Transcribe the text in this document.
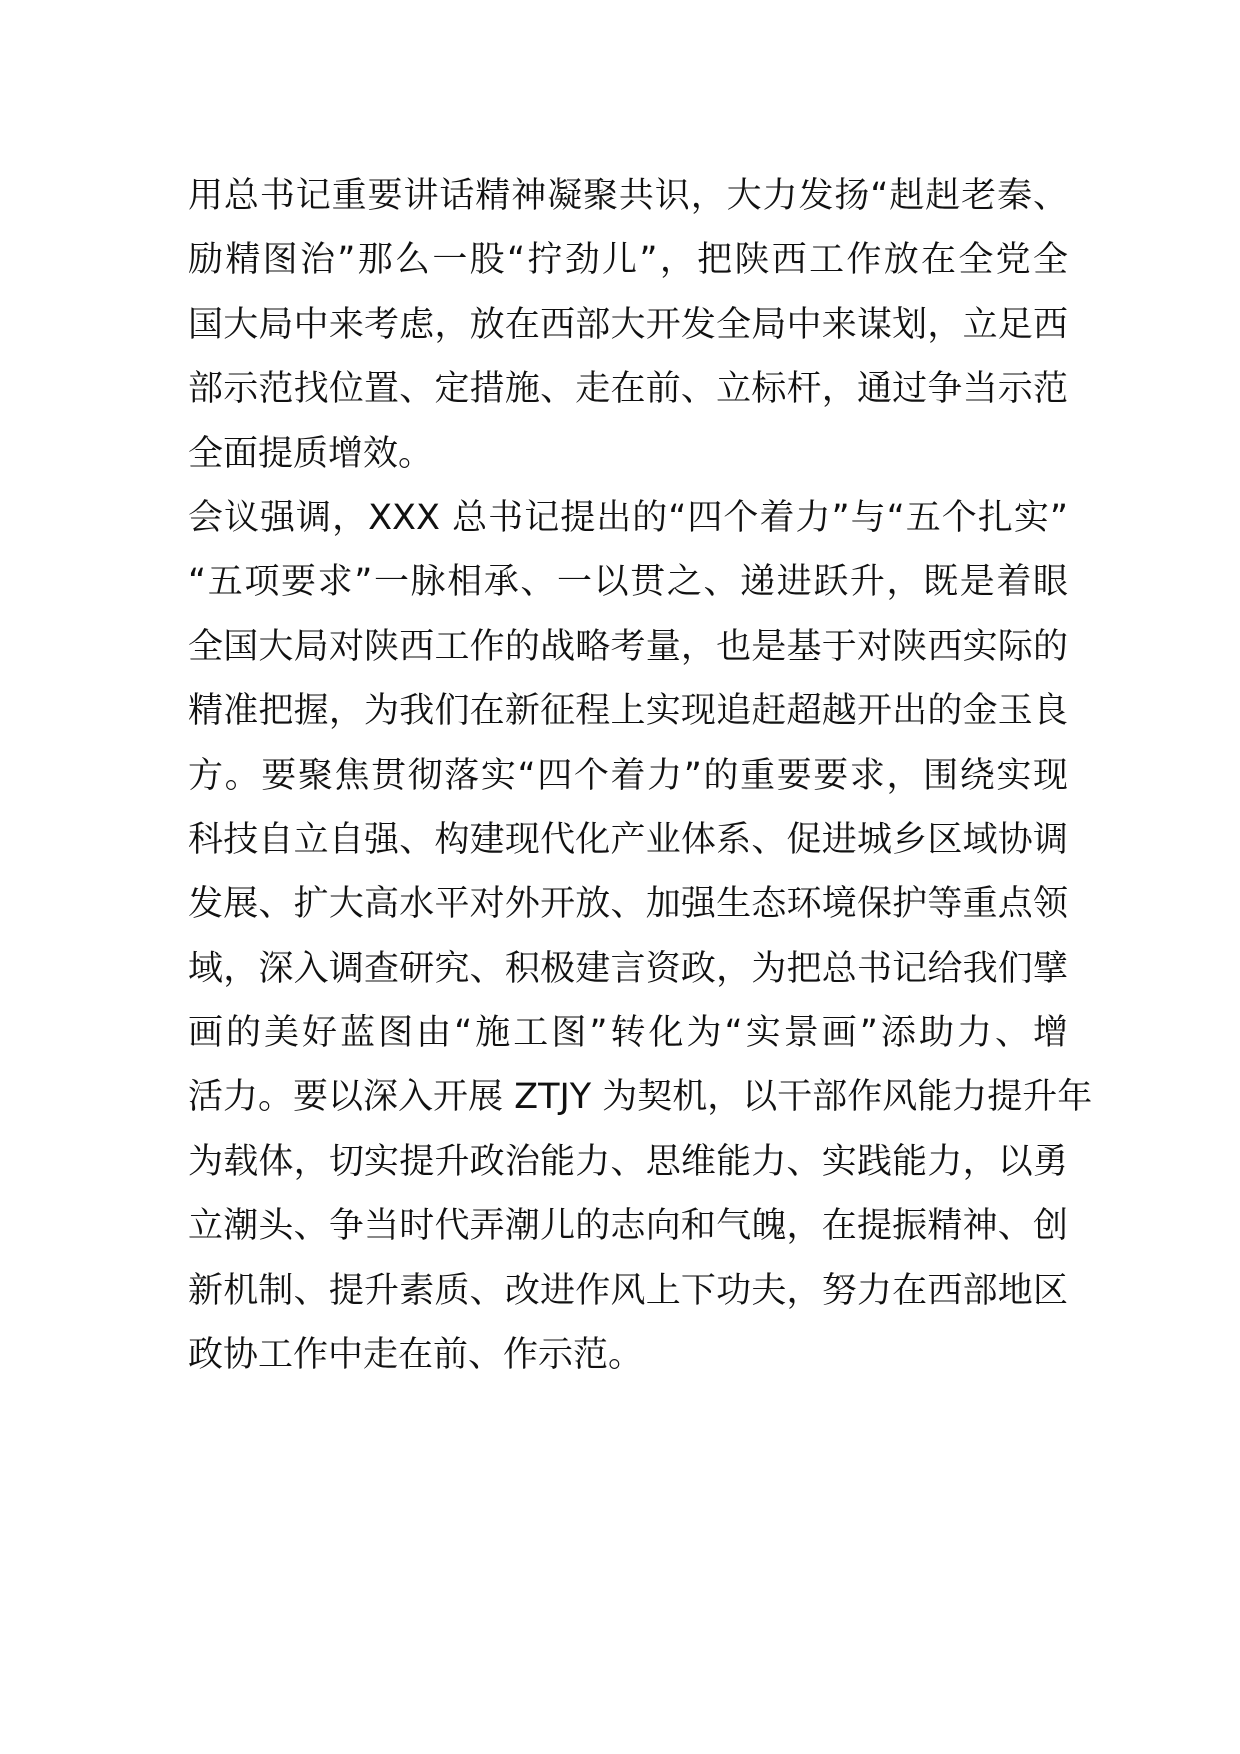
用总书记重要讲话精神凝聚共识，大力发扬“赳赳老秦、
励精图治”那么一股“拧劲儿”，把陕西工作放在全党全
国大局中来考虑，放在西部大开发全局中来谋划，立足西
部示范找位置、定措施、走在前、立标杆，通过争当示范
全面提质增效。
会议强调，XXX 总书记提出的“四个着力”与“五个扎实”
“五项要求”一脉相承、一以贯之、递进跃升，既是着眼
全国大局对陕西工作的战略考量，也是基于对陕西实际的
精准把握，为我们在新征程上实现追赶超越开出的金玉良
方。要聚焦贯彻落实“四个着力”的重要要求，围绕实现
科技自立自强、构建现代化产业体系、促进城乡区域协调
发展、扩大高水平对外开放、加强生态环境保护等重点领
域，深入调查研究、积极建言资政，为把总书记给我们擘
画的美好蓝图由“施工图”转化为“实景画”添助力、增
活力。要以深入开展 ZTJY 为契机，以干部作风能力提升年
为载体，切实提升政治能力、思维能力、实践能力，以勇
立潮头、争当时代弄潮儿的志向和气魄，在提振精神、创
新机制、提升素质、改进作风上下功夫，努力在西部地区
政协工作中走在前、作示范。
